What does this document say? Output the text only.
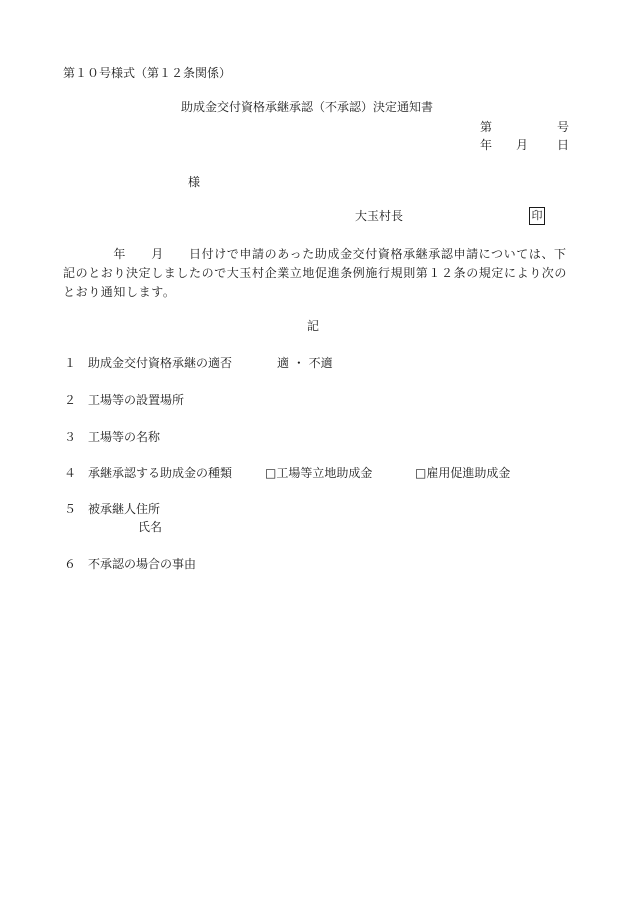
第１０号様式（第１２条関係）
助成金交付資格承継承認（不承認）決定通知書
第	号
年 月 日
様
大玉村長	印
　　　　年　　月　　日付けで申請のあった助成金交付資格承継承認申請については、下
記のとおり決定しましたので大玉村企業立地促進条例施行規則第１２条の規定により次の
とおり通知します。
記
１ 助成金交付資格承継の適否	適 ・ 不適
２ 工場等の設置場所
３ 工場等の名称
４ 承継承認する助成金の種類	□工場等立地助成金	□雇用促進助成金
５ 被承継人住所
氏名
６ 不承認の場合の事由
